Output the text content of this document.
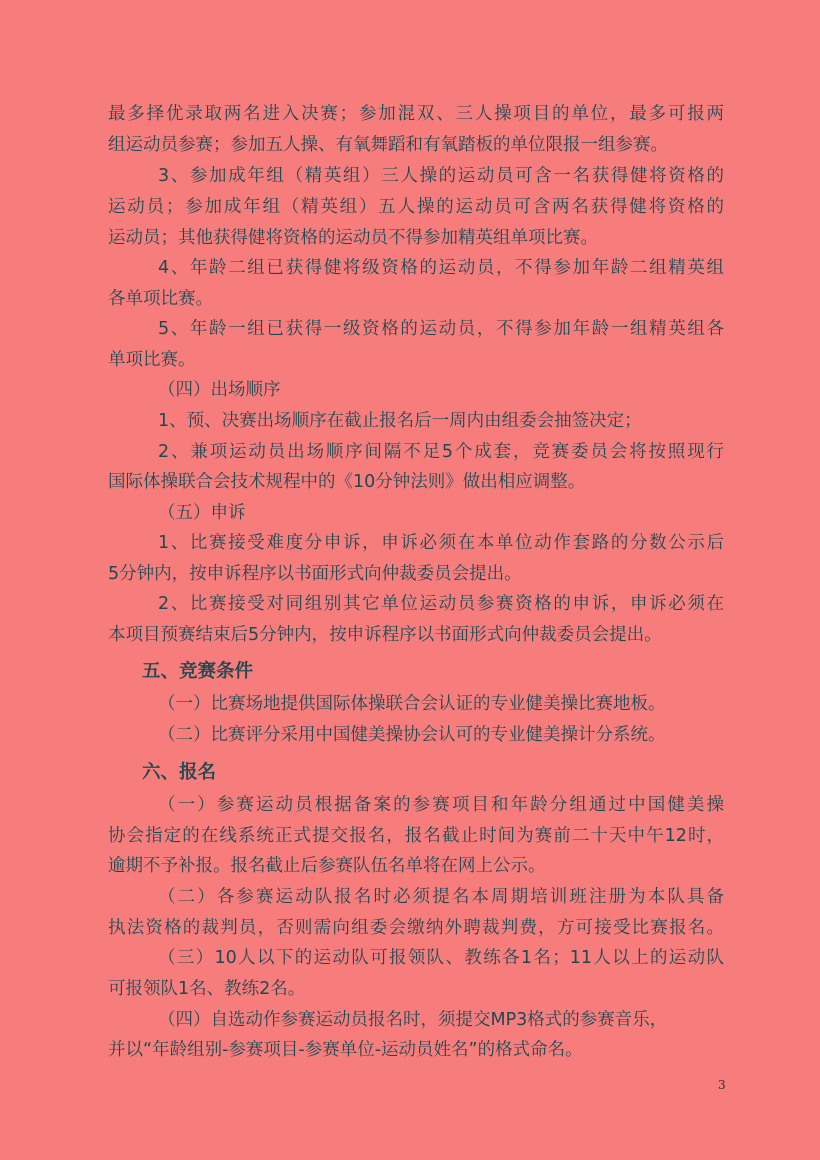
最多择优录取两名进入决赛；参加混双、三人操项目的单位，最多可报两

组运动员参赛；参加五人操、有氧舞蹈和有氧踏板的单位限报一组参赛。

3、参加成年组（精英组）三人操的运动员可含一名获得健将资格的

运动员；参加成年组（精英组）五人操的运动员可含两名获得健将资格的

运动员；其他获得健将资格的运动员不得参加精英组单项比赛。

4、年龄二组已获得健将级资格的运动员，不得参加年龄二组精英组

各单项比赛。

5、年龄一组已获得一级资格的运动员，不得参加年龄一组精英组各

单项比赛。

（四）出场顺序

1、预、决赛出场顺序在截止报名后一周内由组委会抽签决定；

2、兼项运动员出场顺序间隔不足5个成套，竞赛委员会将按照现行

国际体操联合会技术规程中的《10分钟法则》做出相应调整。

（五）申诉

1、比赛接受难度分申诉，申诉必须在本单位动作套路的分数公示后

5分钟内，按申诉程序以书面形式向仲裁委员会提出。

2、比赛接受对同组别其它单位运动员参赛资格的申诉，申诉必须在

本项目预赛结束后5分钟内，按申诉程序以书面形式向仲裁委员会提出。

五、竞赛条件

（一）比赛场地提供国际体操联合会认证的专业健美操比赛地板。

（二）比赛评分采用中国健美操协会认可的专业健美操计分系统。

六、报名

（一）参赛运动员根据备案的参赛项目和年龄分组通过中国健美操

协会指定的在线系统正式提交报名，报名截止时间为赛前二十天中午12时，

逾期不予补报。报名截止后参赛队伍名单将在网上公示。

（二）各参赛运动队报名时必须提名本周期培训班注册为本队具备

执法资格的裁判员，否则需向组委会缴纳外聘裁判费，方可接受比赛报名。

（三）10人以下的运动队可报领队、教练各1名；11人以上的运动队

可报领队1名、教练2名。

（四）自选动作参赛运动员报名时，须提交MP3格式的参赛音乐，

并以“年龄组别-参赛项目-参赛单位-运动员姓名”的格式命名。

3
